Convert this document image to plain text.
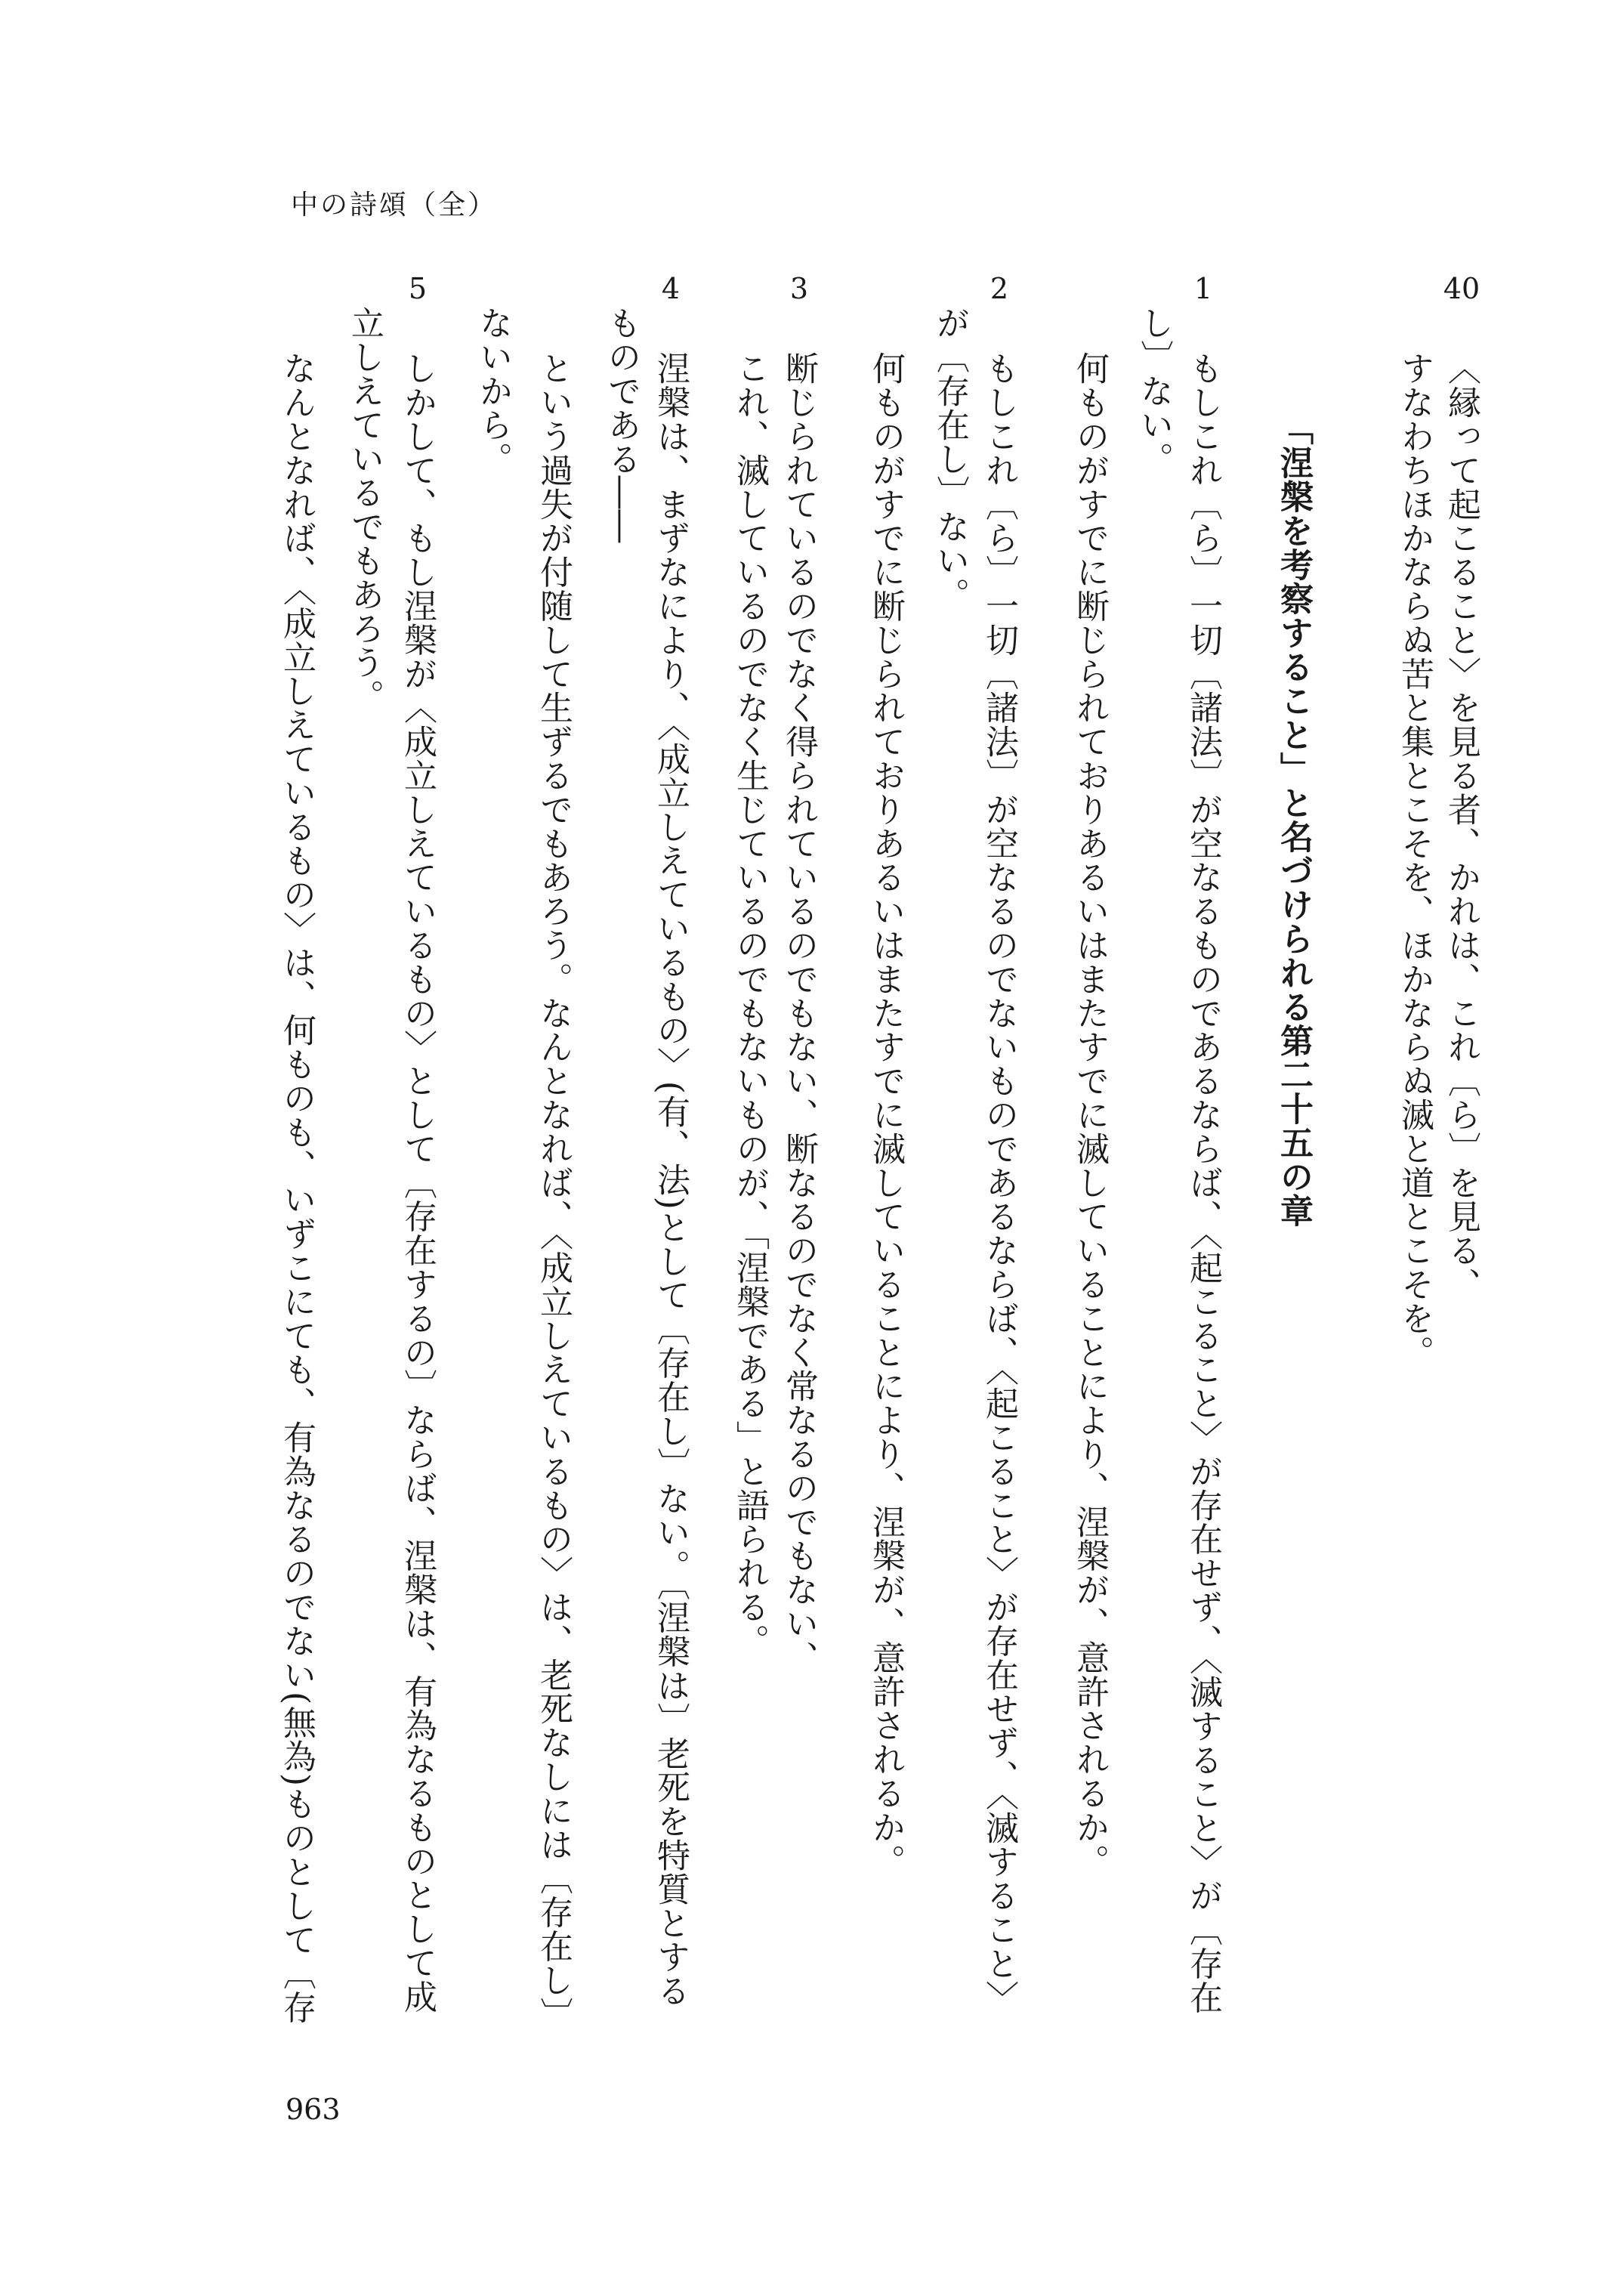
中の詩頌（全）
40
〈縁って起こること〉を見る者、かれは、これ〔ら〕を見る、
すなわちほかならぬ苦と集とこそを、ほかならぬ滅と道とこそを。
「涅槃を考察すること」と名づけられる第二十五の章
1
もしこれ〔ら〕一切〔諸法〕が空なるものであるならば、〈起こること〉が存在せず、〈滅すること〉が〔存在
し〕ない。
何ものがすでに断じられておりあるいはまたすでに滅していることにより、涅槃が、意許されるか。
2
もしこれ〔ら〕一切〔諸法〕が空なるのでないものであるならば、〈起こること〉が存在せず、〈滅すること〉
が〔存在し〕ない。
何ものがすでに断じられておりあるいはまたすでに滅していることにより、涅槃が、意許されるか。
3
断じられているのでなく得られているのでもない、断なるのでなく常なるのでもない、
これ、滅しているのでなく生じているのでもないものが、「涅槃である」と語られる。
4
涅槃は、まずなにより、〈成立しえているもの〉(有、法)として〔存在し〕ない。〔涅槃は〕老死を特質とする
ものである――
という過失が付随して生ずるでもあろう。なんとなれば、〈成立しえているもの〉は、老死なしには〔存在し〕
ないから。
5
しかして、もし涅槃が〈成立しえているもの〉として〔存在するの〕ならば、涅槃は、有為なるものとして成
立しえているでもあろう。
なんとなれば、〈成立しえているもの〉は、何ものも、いずこにても、有為なるのでない(無為)ものとして〔存
963
